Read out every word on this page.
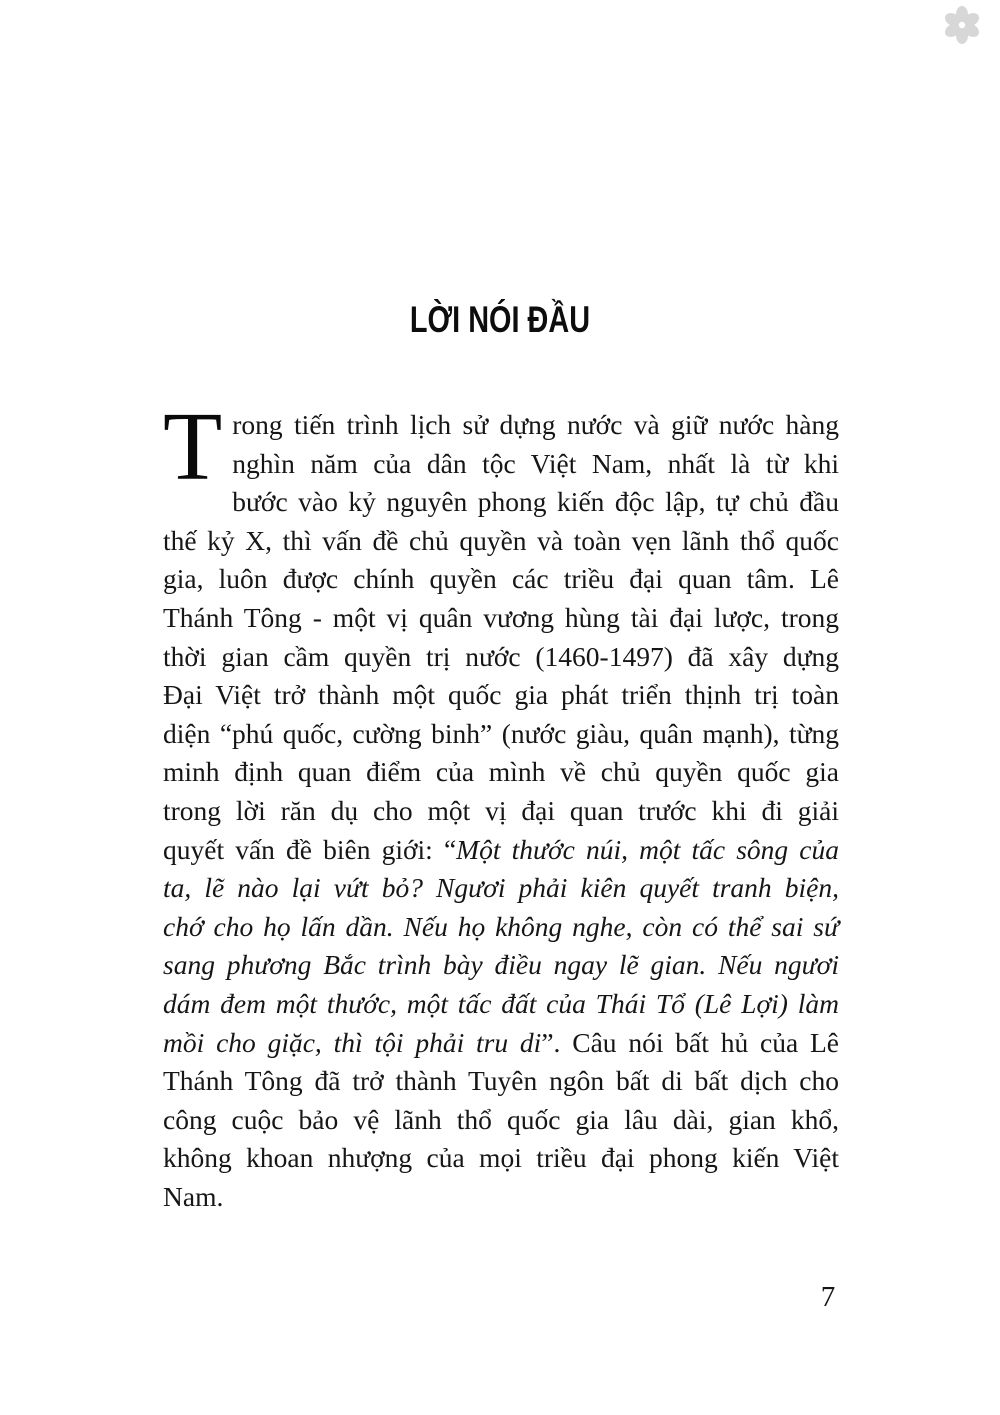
LỜI NÓI ĐẦU
Trong tiến trình lịch sử dựng nước và giữ nước hàng nghìn năm của dân tộc Việt Nam, nhất là từ khi bước vào kỷ nguyên phong kiến độc lập, tự chủ đầu thế kỷ X, thì vấn đề chủ quyền và toàn vẹn lãnh thổ quốc gia, luôn được chính quyền các triều đại quan tâm. Lê Thánh Tông - một vị quân vương hùng tài đại lược, trong thời gian cầm quyền trị nước (1460-1497) đã xây dựng Đại Việt trở thành một quốc gia phát triển thịnh trị toàn diện “phú quốc, cường binh” (nước giàu, quân mạnh), từng minh định quan điểm của mình về chủ quyền quốc gia trong lời răn dụ cho một vị đại quan trước khi đi giải quyết vấn đề biên giới: “Một thước núi, một tấc sông của ta, lẽ nào lại vứt bỏ? Ngươi phải kiên quyết tranh biện, chớ cho họ lấn dần. Nếu họ không nghe, còn có thể sai sứ sang phương Bắc trình bày điều ngay lẽ gian. Nếu ngươi dám đem một thước, một tấc đất của Thái Tổ (Lê Lợi) làm mồi cho giặc, thì tội phải tru di”. Câu nói bất hủ của Lê Thánh Tông đã trở thành Tuyên ngôn bất di bất dịch cho công cuộc bảo vệ lãnh thổ quốc gia lâu dài, gian khổ, không khoan nhượng của mọi triều đại phong kiến Việt Nam.
7
